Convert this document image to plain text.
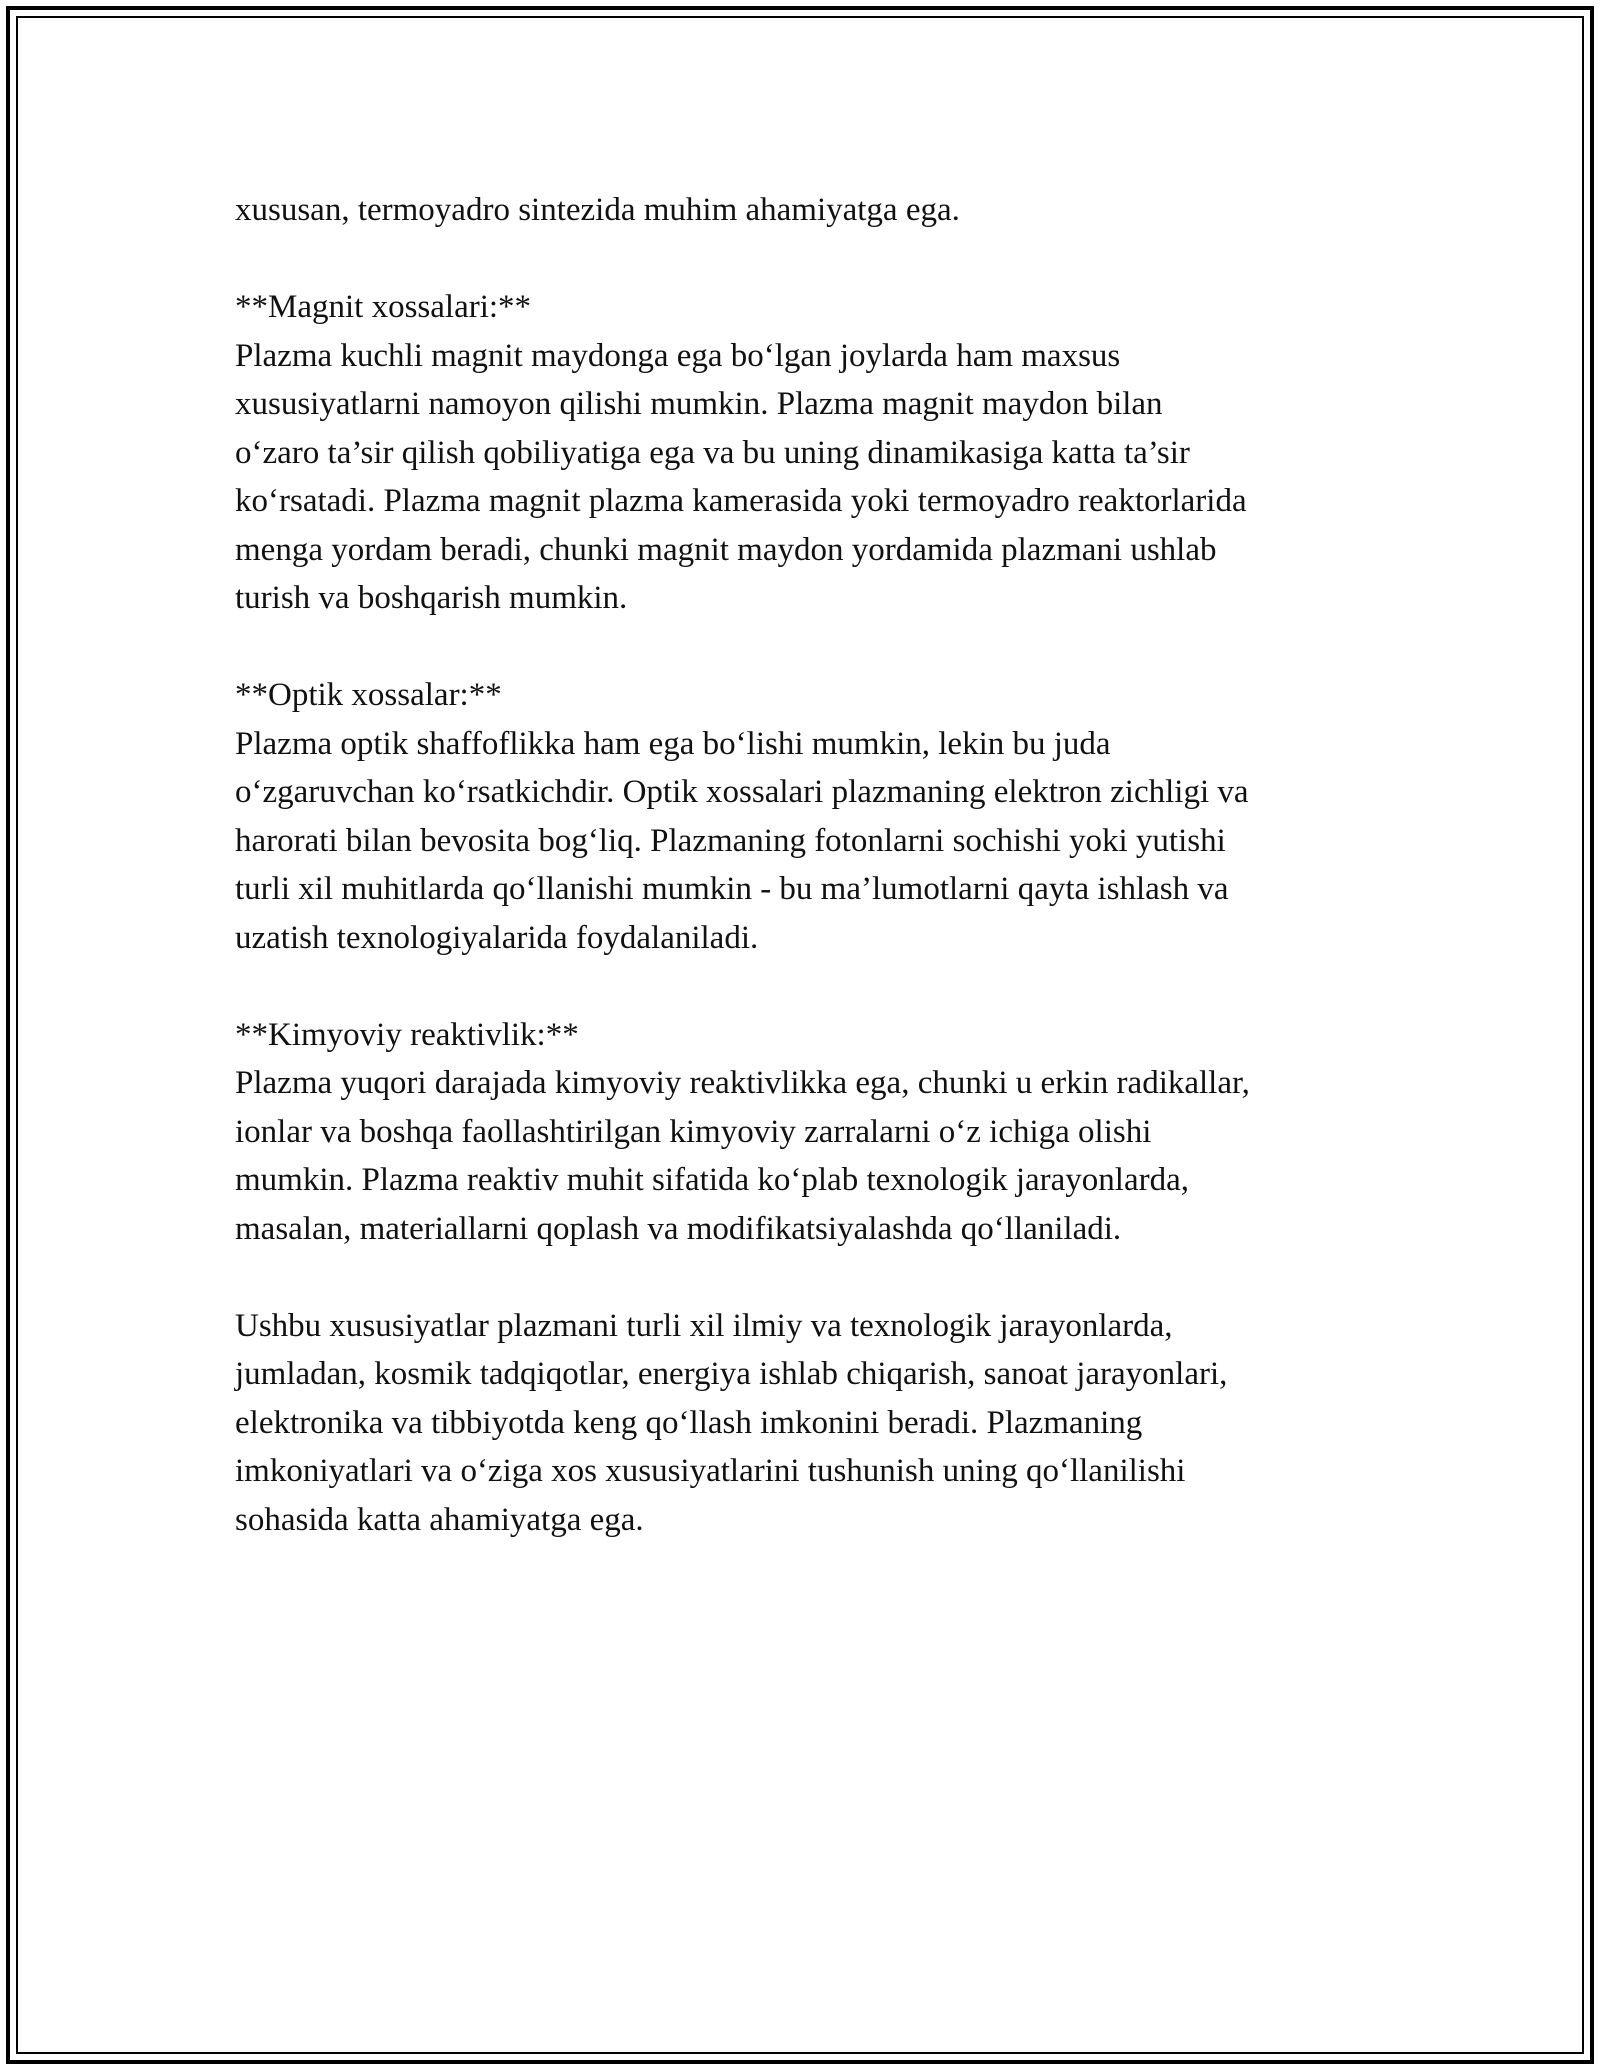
xususan, termoyadro sintezida muhim ahamiyatga ega.

**Magnit xossalari:**

Plazma kuchli magnit maydonga ega bo‘lgan joylarda ham maxsus
xususiyatlarni namoyon qilishi mumkin. Plazma magnit maydon bilan
o‘zaro ta’sir qilish qobiliyatiga ega va bu uning dinamikasiga katta ta’sir
ko‘rsatadi. Plazma magnit plazma kamerasida yoki termoyadro reaktorlarida
menga yordam beradi, chunki magnit maydon yordamida plazmani ushlab
turish va boshqarish mumkin.

**Optik xossalar:**

Plazma optik shaffoflikka ham ega bo‘lishi mumkin, lekin bu juda
o‘zgaruvchan ko‘rsatkichdir. Optik xossalari plazmaning elektron zichligi va
harorati bilan bevosita bog‘liq. Plazmaning fotonlarni sochishi yoki yutishi
turli xil muhitlarda qo‘llanishi mumkin - bu ma’lumotlarni qayta ishlash va
uzatish texnologiyalarida foydalaniladi.

**Kimyoviy reaktivlik:**

Plazma yuqori darajada kimyoviy reaktivlikka ega, chunki u erkin radikallar,
ionlar va boshqa faollashtirilgan kimyoviy zarralarni o‘z ichiga olishi
mumkin. Plazma reaktiv muhit sifatida ko‘plab texnologik jarayonlarda,
masalan, materiallarni qoplash va modifikatsiyalashda qo‘llaniladi.

Ushbu xususiyatlar plazmani turli xil ilmiy va texnologik jarayonlarda,
jumladan, kosmik tadqiqotlar, energiya ishlab chiqarish, sanoat jarayonlari,
elektronika va tibbiyotda keng qo‘llash imkonini beradi. Plazmaning
imkoniyatlari va o‘ziga xos xususiyatlarini tushunish uning qo‘llanilishi
sohasida katta ahamiyatga ega.
